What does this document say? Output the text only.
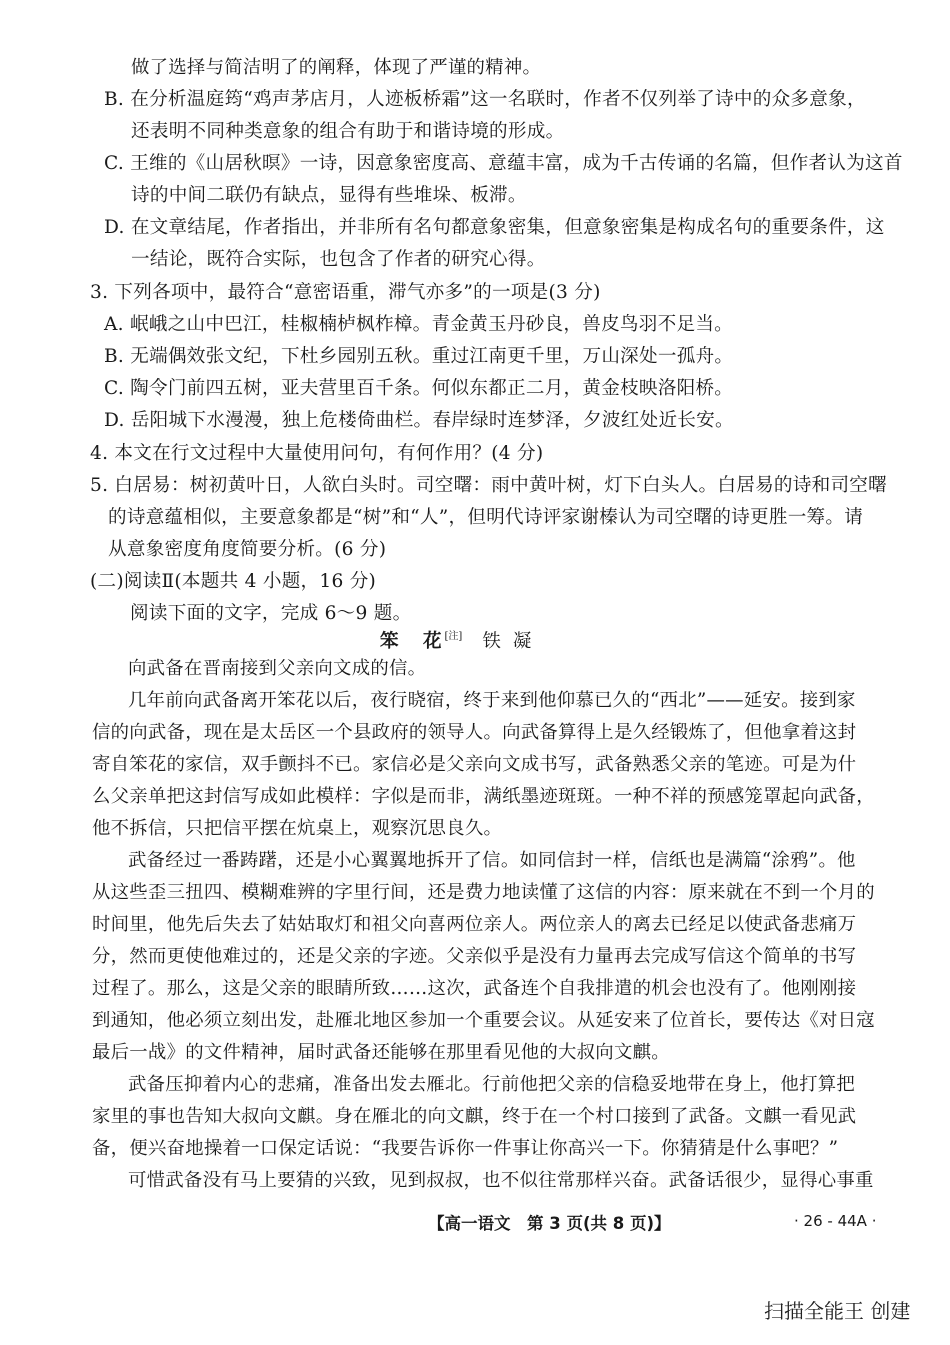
做了选择与简洁明了的阐释，体现了严谨的精神。
B. 在分析温庭筠“鸡声茅店月，人迹板桥霜”这一名联时，作者不仅列举了诗中的众多意象，
还表明不同种类意象的组合有助于和谐诗境的形成。
C. 王维的《山居秋暝》一诗，因意象密度高、意蕴丰富，成为千古传诵的名篇，但作者认为这首
诗的中间二联仍有缺点，显得有些堆垛、板滞。
D. 在文章结尾，作者指出，并非所有名句都意象密集，但意象密集是构成名句的重要条件，这
一结论，既符合实际，也包含了作者的研究心得。
3. 下列各项中，最符合“意密语重，滞气亦多”的一项是(3 分)
A. 岷峨之山中巴江，桂椒楠栌枫柞樟。青金黄玉丹砂良，兽皮鸟羽不足当。
B. 无端偶效张文纪，下杜乡园别五秋。重过江南更千里，万山深处一孤舟。
C. 陶令门前四五树，亚夫营里百千条。何似东都正二月，黄金枝映洛阳桥。
D. 岳阳城下水漫漫，独上危楼倚曲栏。春岸绿时连梦泽，夕波红处近长安。
4. 本文在行文过程中大量使用问句，有何作用？(4 分)
5. 白居易：树初黄叶日，人欲白头时。司空曙：雨中黄叶树，灯下白头人。白居易的诗和司空曙
的诗意蕴相似，主要意象都是“树”和“人”，但明代诗评家谢榛认为司空曙的诗更胜一筹。请
从意象密度角度简要分析。(6 分)
(二)阅读Ⅱ(本题共 4 小题，16 分)
阅读下面的文字，完成 6～9 题。
笨　花[注] 铁凝
向武备在晋南接到父亲向文成的信。
几年前向武备离开笨花以后，夜行晓宿，终于来到他仰慕已久的“西北”——延安。接到家
信的向武备，现在是太岳区一个县政府的领导人。向武备算得上是久经锻炼了，但他拿着这封
寄自笨花的家信，双手颤抖不已。家信必是父亲向文成书写，武备熟悉父亲的笔迹。可是为什
么父亲单把这封信写成如此模样：字似是而非，满纸墨迹斑斑。一种不祥的预感笼罩起向武备，
他不拆信，只把信平摆在炕桌上，观察沉思良久。
武备经过一番踌躇，还是小心翼翼地拆开了信。如同信封一样，信纸也是满篇“涂鸦”。他
从这些歪三扭四、模糊难辨的字里行间，还是费力地读懂了这信的内容：原来就在不到一个月的
时间里，他先后失去了姑姑取灯和祖父向喜两位亲人。两位亲人的离去已经足以使武备悲痛万
分，然而更使他难过的，还是父亲的字迹。父亲似乎是没有力量再去完成写信这个简单的书写
过程了。那么，这是父亲的眼睛所致……这次，武备连个自我排遣的机会也没有了。他刚刚接
到通知，他必须立刻出发，赴雁北地区参加一个重要会议。从延安来了位首长，要传达《对日寇
最后一战》的文件精神，届时武备还能够在那里看见他的大叔向文麒。
武备压抑着内心的悲痛，准备出发去雁北。行前他把父亲的信稳妥地带在身上，他打算把
家里的事也告知大叔向文麒。身在雁北的向文麒，终于在一个村口接到了武备。文麒一看见武
备，便兴奋地操着一口保定话说：“我要告诉你一件事让你高兴一下。你猜猜是什么事吧？”
可惜武备没有马上要猜的兴致，见到叔叔，也不似往常那样兴奋。武备话很少，显得心事重
【高一语文　第 3 页(共 8 页)】	· 26 - 44A ·
扫描全能王 创建
